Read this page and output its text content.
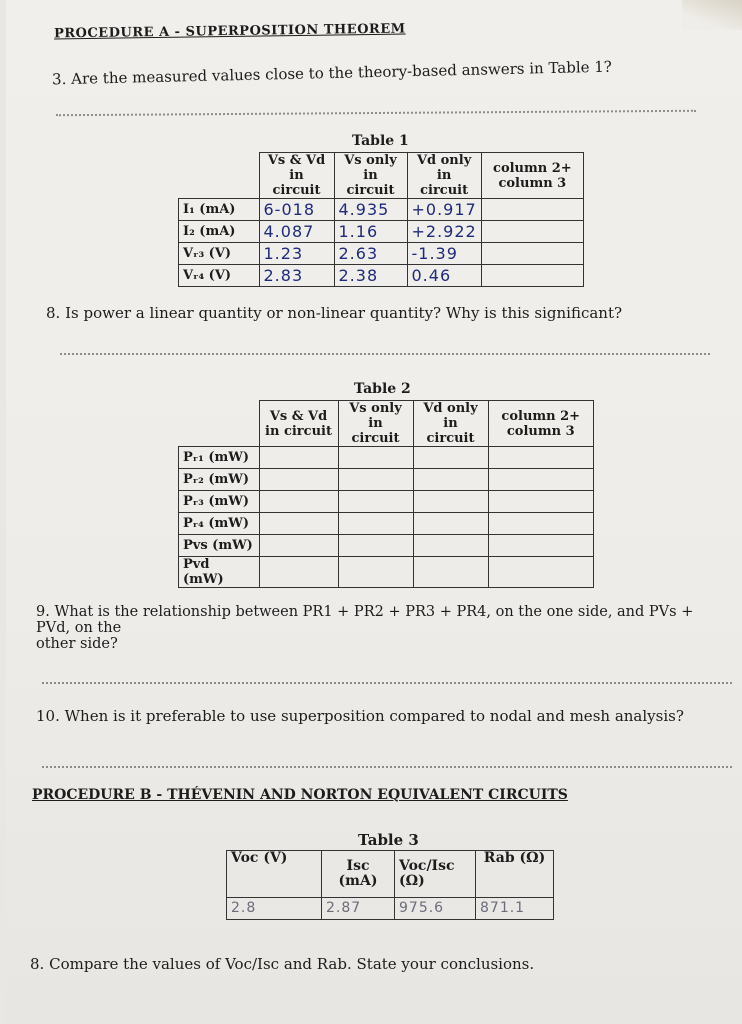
PROCEDURE A - SUPERPOSITION THEOREM
3. Are the measured values close to the theory-based answers in Table 1?
Table 1
	Vs & Vd in circuit	Vs only in circuit	Vd only in circuit	column 2+ column 3
I₁ (mA)	6-018	4.935	+0.917	
I₂ (mA)	4.087	1.16	+2.922	
Vᵣ₃ (V)	1.23	2.63	-1.39	
Vᵣ₄ (V)	2.83	2.38	0.46	
8. Is power a linear quantity or non-linear quantity? Why is this significant?
Table 2
	Vs & Vd in circuit	Vs only in circuit	Vd only in circuit	column 2+ column 3
Pᵣ₁ (mW)				
Pᵣ₂ (mW)				
Pᵣ₃ (mW)				
Pᵣ₄ (mW)				
Pvs (mW)				
Pvd (mW)				
9. What is the relationship between PR1 + PR2 + PR3 + PR4, on the one side, and PVs + PVd, on the
other side?
10. When is it preferable to use superposition compared to nodal and mesh analysis?
PROCEDURE B - THÉVENIN AND NORTON EQUIVALENT CIRCUITS
Table 3
Voc (V)	Isc (mA)	Voc/Isc (Ω)	Rab (Ω)
2.8	2.87	975.6	871.1
8. Compare the values of Voc/Isc and Rab. State your conclusions.
